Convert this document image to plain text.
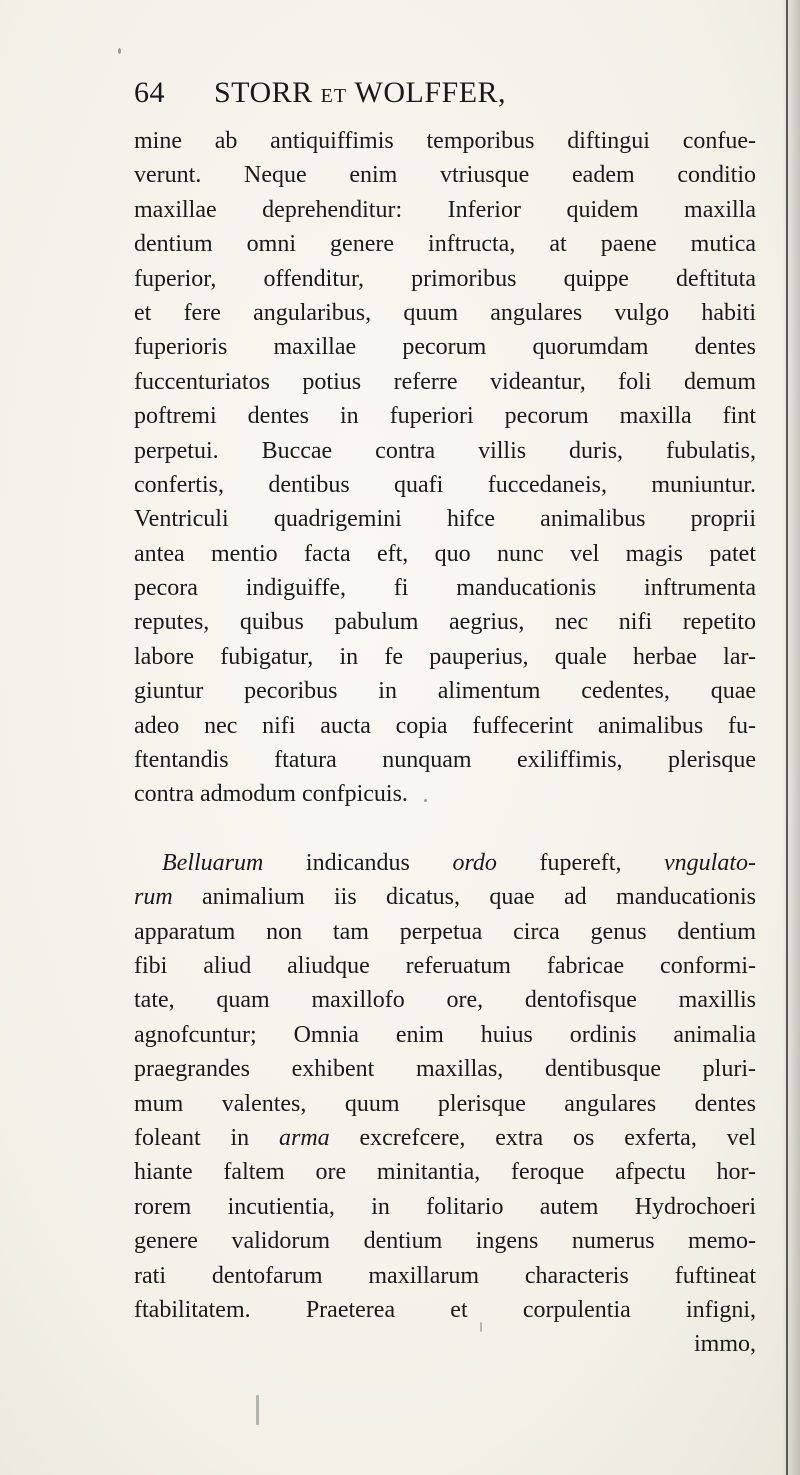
64 STORR ET WOLFFER,
mine ab antiquiffimis temporibus diftingui confue-
verunt. Neque enim vtriusque eadem conditio
maxillae deprehenditur: Inferior quidem maxilla
dentium omni genere inftructa, at paene mutica
fuperior, offenditur, primoribus quippe deftituta
et fere angularibus, quum angulares vulgo habiti
fuperioris maxillae pecorum quorumdam dentes
fuccenturiatos potius referre videantur, foli demum
poftremi dentes in fuperiori pecorum maxilla fint
perpetui. Buccae contra villis duris, fubulatis,
confertis, dentibus quafi fuccedaneis, muniuntur.
Ventriculi quadrigemini hifce animalibus proprii
antea mentio facta eft, quo nunc vel magis patet
pecora indiguiffe, fi manducationis inftrumenta
reputes, quibus pabulum aegrius, nec nifi repetito
labore fubigatur, in fe pauperius, quale herbae lar-
giuntur pecoribus in alimentum cedentes, quae
adeo nec nifi aucta copia fuffecerint animalibus fu-
ftentandis ftatura nunquam exiliffimis, plerisque
contra admodum confpicuis.
Belluarum indicandus ordo fupereft, vngulato-
rum animalium iis dicatus, quae ad manducationis
apparatum non tam perpetua circa genus dentium
fibi aliud aliudque referuatum fabricae conformi-
tate, quam maxillofo ore, dentofisque maxillis
agnofcuntur; Omnia enim huius ordinis animalia
praegrandes exhibent maxillas, dentibusque pluri-
mum valentes, quum plerisque angulares dentes
foleant in arma excrefcere, extra os exferta, vel
hiante faltem ore minitantia, feroque afpectu hor-
rorem incutientia, in folitario autem Hydrochoeri
genere validorum dentium ingens numerus memo-
rati dentofarum maxillarum characteris fuftineat
ftabilitatem. Praeterea et corpulentia infigni,
immo,
